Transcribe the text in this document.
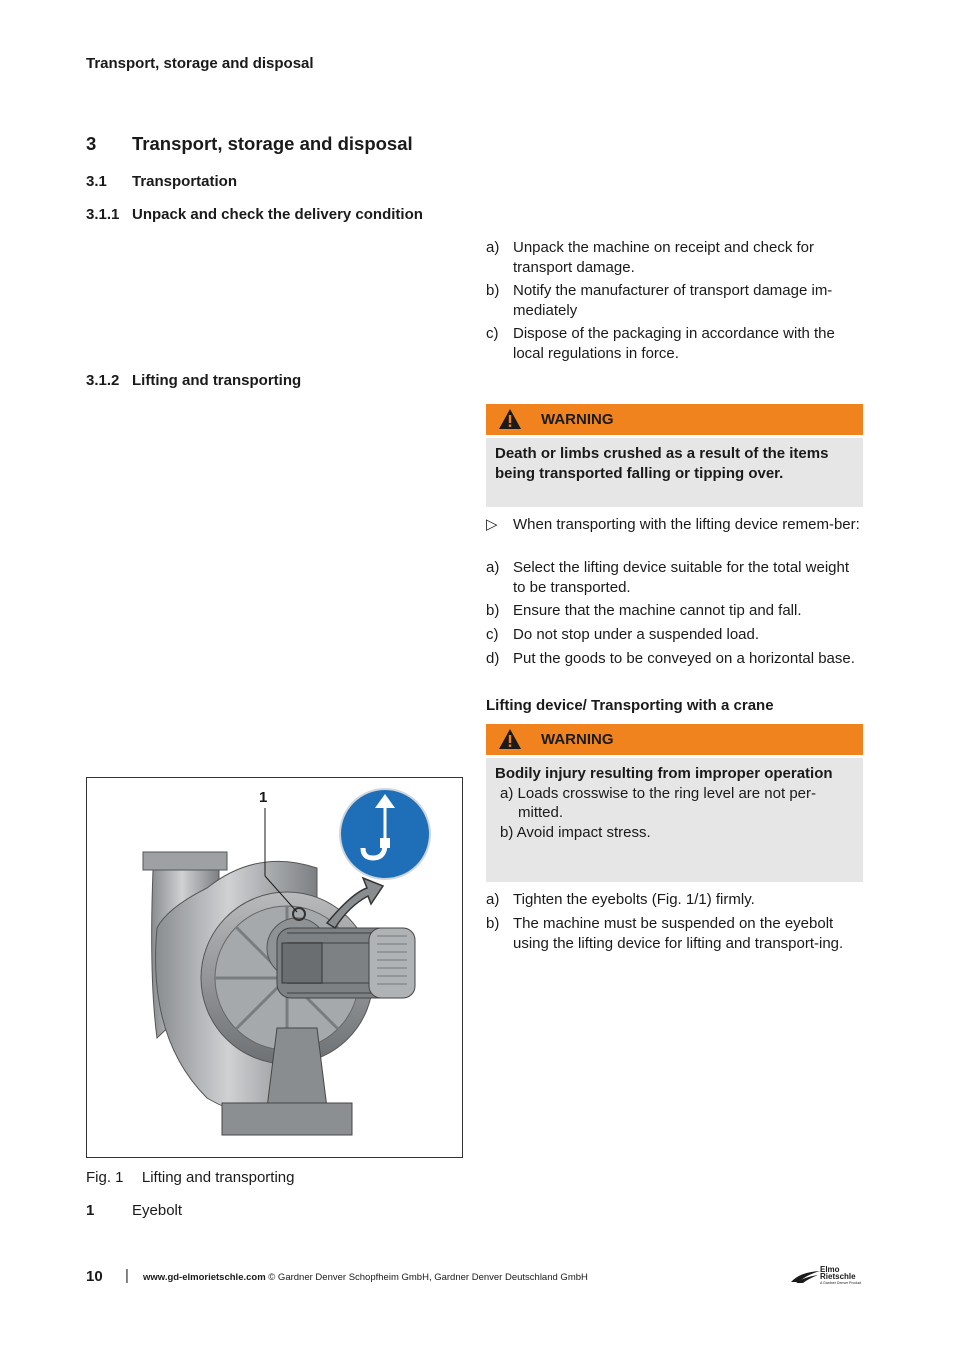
Transport, storage and disposal
3 Transport, storage and disposal
3.1 Transportation
3.1.1 Unpack and check the delivery condition
a) Unpack the machine on receipt and check for transport damage.
b) Notify the manufacturer of transport damage im-mediately
c) Dispose of the packaging in accordance with the local regulations in force.
3.1.2 Lifting and transporting
WARNING
Death or limbs crushed as a result of the items being transported falling or tipping over.
▷ When transporting with the lifting device remem-ber:
a) Select the lifting device suitable for the total weight to be transported.
b) Ensure that the machine cannot tip and fall.
c) Do not stop under a suspended load.
d) Put the goods to be conveyed on a horizontal base.
Lifting device/ Transporting with a crane
WARNING
Bodily injury resulting from improper operation
a) Loads crosswise to the ring level are not per-
mitted.
b) Avoid impact stress.
a) Tighten the eyebolts (Fig. 1/1) firmly.
b) The machine must be suspended on the eyebolt using the lifting device for lifting and transport-ing.
1
Fig. 1 Lifting and transporting
1	Eyebolt
10 | www.gd-elmorietschle.com © Gardner Denver Schopfheim GmbH, Gardner Denver Deutschland GmbH
Elmo
Rietschle
A Gardner Denver Product
